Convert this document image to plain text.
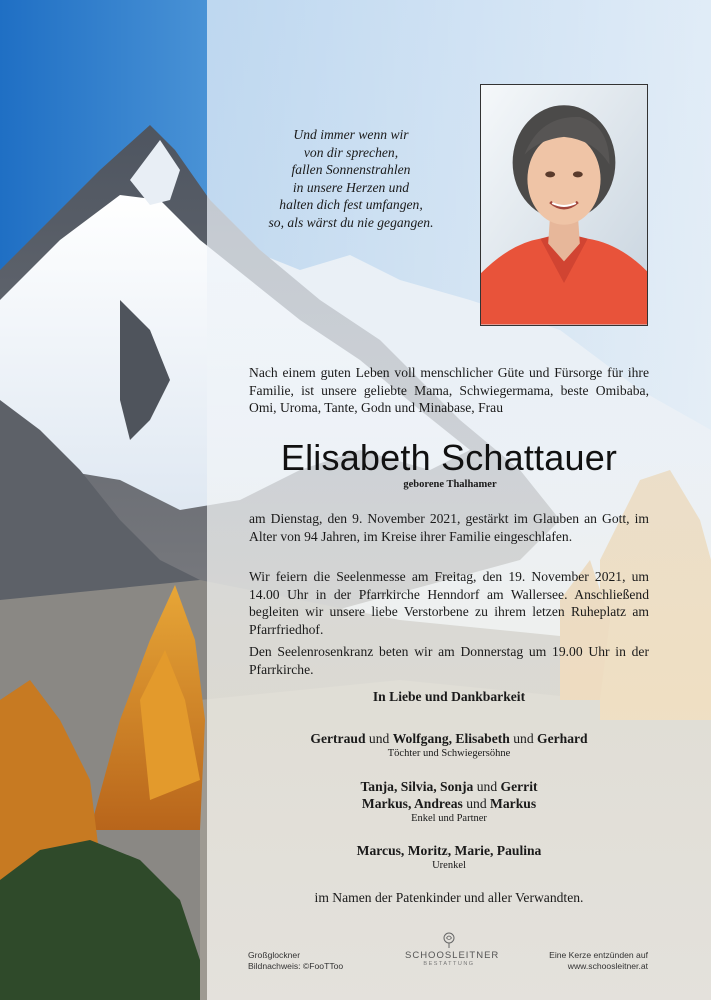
Und immer wenn wir
von dir sprechen,
fallen Sonnenstrahlen
in unsere Herzen und
halten dich fest umfangen,
so, als wärst du nie gegangen.
Nach einem guten Leben voll menschlicher Güte und Fürsorge für ihre Familie, ist unsere geliebte Mama, Schwiegermama, beste Omibaba, Omi, Uroma, Tante, Godn und Minabase, Frau
Elisabeth Schattauer
geborene Thalhamer
am Dienstag, den 9. November 2021, gestärkt im Glauben an Gott, im Alter von 94 Jahren, im Kreise ihrer Familie eingeschlafen.
Wir feiern die Seelenmesse am Freitag, den 19. November 2021, um 14.00 Uhr in der Pfarrkirche Henndorf am Wallersee. Anschließend begleiten wir unsere liebe Verstorbene zu ihrem letzen Ruheplatz am Pfarrfriedhof.
Den Seelenrosenkranz beten wir am Donnerstag um 19.00 Uhr in der Pfarrkirche.
In Liebe und Dankbarkeit
Gertraud und Wolfgang, Elisabeth und Gerhard
Töchter und Schwiegersöhne
Tanja, Silvia, Sonja und Gerrit
Markus, Andreas und Markus
Enkel und Partner
Marcus, Moritz, Marie, Paulina
Urenkel
im Namen der Patenkinder und aller Verwandten.
Großglockner
Bildnachweis: ©FooTToo
SCHOOSLEITNER
BESTATTUNG
Eine Kerze entzünden auf
www.schoosleitner.at
